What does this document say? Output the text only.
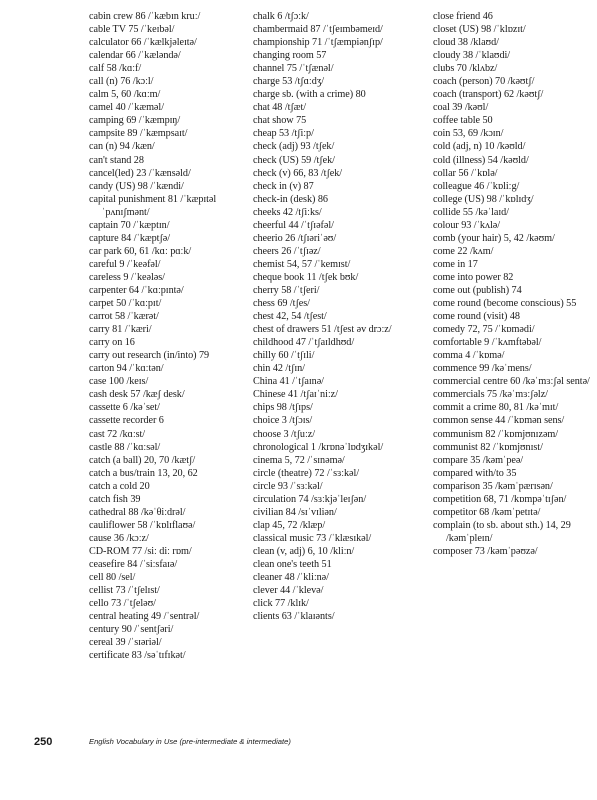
cabin crew 86 /ˈkæbɪn kruː/
cable TV 75 /ˈkeɪbəl/
calculator 66 /ˈkælkjəleɪtə/
calendar 66 /ˈkæləndə/
calf 58 /kɑːf/
call (n) 76 /kɔːl/
calm 5, 60 /kɑːm/
camel 40 /ˈkæməl/
camping 69 /ˈkæmpɪŋ/
campsite 89 /ˈkæmpsaɪt/
can (n) 94 /kæn/
can't stand 28
cancel(led) 23 /ˈkænsəld/
candy (US) 98 /ˈkændi/
capital punishment 81 /ˈkæpɪtəl ˈpʌnɪʃmənt/
captain 70 /ˈkæptɪn/
capture 84 /ˈkæptʃə/
car park 60, 61 /kɑː pɑːk/
careful 9 /ˈkeəfəl/
careless 9 /ˈkeələs/
carpenter 64 /ˈkɑːpɪntə/
carpet 50 /ˈkɑːpɪt/
carrot 58 /ˈkærət/
carry 81 /ˈkæri/
carry on 16
carry out research (in/into) 79
carton 94 /ˈkɑːtən/
case 100 /keɪs/
cash desk 57 /kæʃ desk/
cassette 6 /kəˈset/
cassette recorder 6
cast 72 /kɑːst/
castle 88 /ˈkɑːsəl/
catch (a ball) 20, 70 /kætʃ/
catch a bus/train 13, 20, 62
catch a cold 20
catch fish 39
cathedral 88 /kəˈθiːdrəl/
cauliflower 58 /ˈkɒlɪflaʊə/
cause 36 /kɔːz/
CD-ROM 77 /siː diː rɒm/
ceasefire 84 /ˈsiːsfaɪə/
cell 80 /sel/
cellist 73 /ˈtʃelɪst/
cello 73 /ˈtʃeləʊ/
central heating 49 /ˈsentrəl/
century 90 /ˈsentʃəri/
cereal 39 /ˈsɪəriəl/
certificate 83 /səˈtɪfɪkət/
chalk 6 /tʃɔːk/
chambermaid 87 /ˈtʃeɪmbəmeɪd/
championship 71 /ˈtʃæmpiənʃɪp/
changing room 57
channel 75 /ˈtʃænəl/
charge 53 /tʃɑːdʒ/
charge sb. (with a crime) 80
chat 48 /tʃæt/
chat show 75
cheap 53 /tʃiːp/
check (adj) 93 /tʃek/
check (US) 59 /tʃek/
check (v) 66, 83 /tʃek/
check in (v) 87
check-in (desk) 86
cheeks 42 /tʃiːks/
cheerful 44 /ˈtʃɪəfəl/
cheerio 26 /tʃɪəriˈəʊ/
cheers 26 /ˈtʃɪəz/
chemist 54, 57 /ˈkemɪst/
cheque book 11 /tʃek bʊk/
cherry 58 /ˈtʃeri/
chess 69 /tʃes/
chest 42, 54 /tʃest/
chest of drawers 51 /tʃest əv drɔːz/
childhood 47 /ˈtʃaɪldhʊd/
chilly 60 /ˈtʃɪli/
chin 42 /tʃɪn/
China 41 /ˈtʃaɪnə/
Chinese 41 /tʃaɪˈniːz/
chips 98 /tʃɪps/
choice 3 /tʃɔɪs/
choose 3 /tʃuːz/
chronological 1 /krɒnəˈlɒdʒɪkəl/
cinema 5, 72 /ˈsɪnəmə/
circle (theatre) 72 /ˈsɜːkəl/
circle 93 /ˈsɜːkəl/
circulation 74 /sɜːkjəˈleɪʃən/
civilian 84 /sɪˈvɪliən/
clap 45, 72 /klæp/
classical music 73 /ˈklæsɪkəl/
clean (v, adj) 6, 10 /kliːn/
clean one's teeth 51
cleaner 48 /ˈkliːnə/
clever 44 /ˈklevə/
click 77 /klɪk/
clients 63 /ˈklaɪənts/
close friend 46
closet (US) 98 /ˈklɒzɪt/
cloud 38 /klaʊd/
cloudy 38 /ˈklaʊdi/
clubs 70 /klʌbz/
coach (person) 70 /kəʊtʃ/
coach (transport) 62 /kəʊtʃ/
coal 39 /kəʊl/
coffee table 50
coin 53, 69 /kɔɪn/
cold (adj, n) 10 /kəʊld/
cold (illness) 54 /kəʊld/
collar 56 /ˈkɒlə/
colleague 46 /ˈkɒliːg/
college (US) 98 /ˈkɒlɪdʒ/
collide 55 /kəˈlaɪd/
colour 93 /ˈkʌlə/
comb (your hair) 5, 42 /kəʊm/
come 22 /kʌm/
come in 17
come into power 82
come out (publish) 74
come round (become conscious) 55
come round (visit) 48
comedy 72, 75 /ˈkɒmədi/
comfortable 9 /ˈkʌmftəbəl/
comma 4 /ˈkɒmə/
commence 99 /kəˈmens/
commercial centre 60 /kəˈmɜːʃəl sentə/
commercials 75 /kəˈmɜːʃəlz/
commit a crime 80, 81 /kəˈmɪt/
common sense 44 /ˈkɒmən sens/
communism 82 /ˈkɒmjʊnɪzəm/
communist 82 /ˈkɒmjʊnɪst/
compare 35 /kəmˈpeə/
compared with/to 35
comparison 35 /kəmˈpærɪsən/
competition 68, 71 /kɒmpəˈtɪʃən/
competitor 68 /kəmˈpetɪtə/
complain (to sb. about sth.) 14, 29 /kəmˈpleɪn/
composer 73 /kəmˈpəʊzə/
250	English Vocabulary in Use (pre-intermediate & intermediate)
